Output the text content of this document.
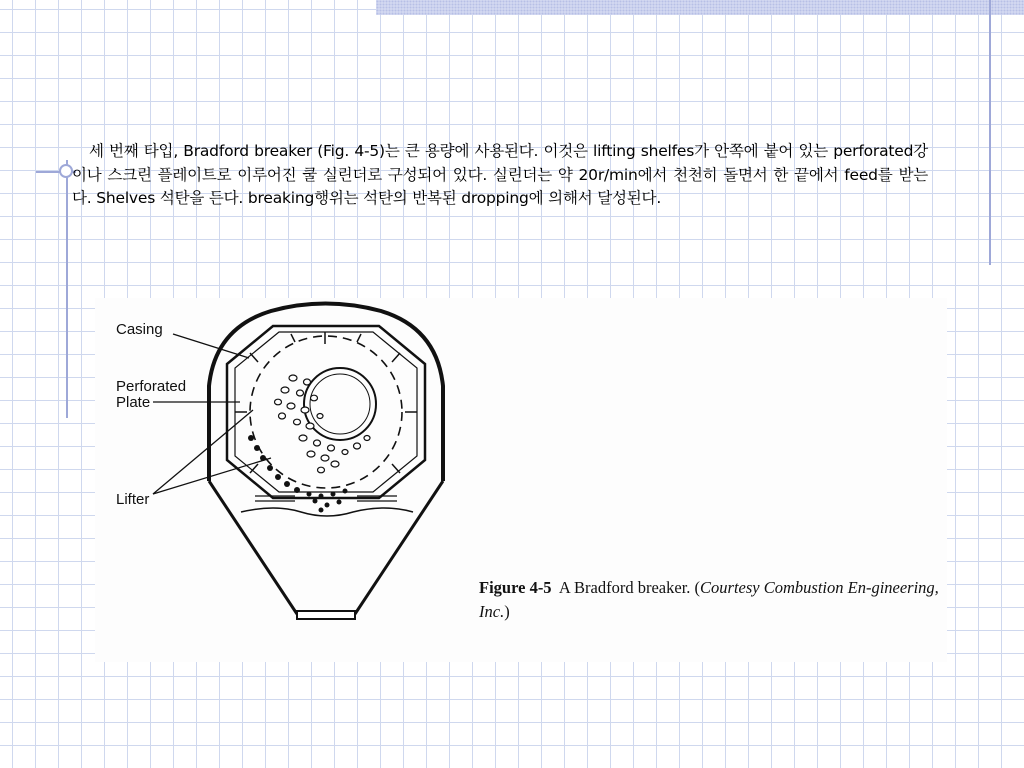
세 번째 타입, Bradford breaker (Fig. 4-5)는 큰 용량에 사용된다. 이것은 lifting shelfes가 안쪽에 붙어 있는 perforated강이나 스크린 플레이트로 이루어진 쿨 실린더로 구성되어 있다. 실린더는 약 20r/min에서 천천히 돌면서 한 끝에서 feed를 받는다. Shelves 석탄을 든다. breaking행위는 석탄의 반복된 dropping에 의해서 달성된다.

Casing
Perforated
Plate
Lifter

Figure 4-5 A Bradford breaker. (Courtesy Combustion En-gineering, Inc.)
